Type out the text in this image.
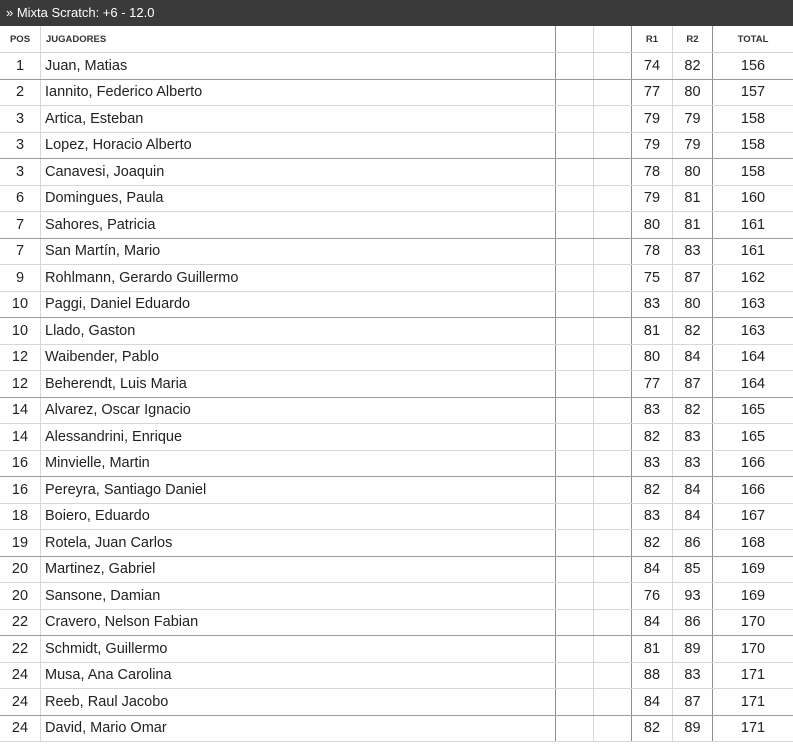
» Mixta Scratch: +6 - 12.0
POS	JUGADORES	R1	R2	TOTAL
1	Juan, Matias	74	82	156
2	Iannito, Federico Alberto	77	80	157
3	Artica, Esteban	79	79	158
3	Lopez, Horacio Alberto	79	79	158
3	Canavesi, Joaquin	78	80	158
6	Domingues, Paula	79	81	160
7	Sahores, Patricia	80	81	161
7	San Martín, Mario	78	83	161
9	Rohlmann, Gerardo Guillermo	75	87	162
10	Paggi, Daniel Eduardo	83	80	163
10	Llado, Gaston	81	82	163
12	Waibender, Pablo	80	84	164
12	Beherendt, Luis Maria	77	87	164
14	Alvarez, Oscar Ignacio	83	82	165
14	Alessandrini, Enrique	82	83	165
16	Minvielle, Martin	83	83	166
16	Pereyra, Santiago Daniel	82	84	166
18	Boiero, Eduardo	83	84	167
19	Rotela, Juan Carlos	82	86	168
20	Martinez, Gabriel	84	85	169
20	Sansone, Damian	76	93	169
22	Cravero, Nelson Fabian	84	86	170
22	Schmidt, Guillermo	81	89	170
24	Musa, Ana Carolina	88	83	171
24	Reeb, Raul Jacobo	84	87	171
24	David, Mario Omar	82	89	171
